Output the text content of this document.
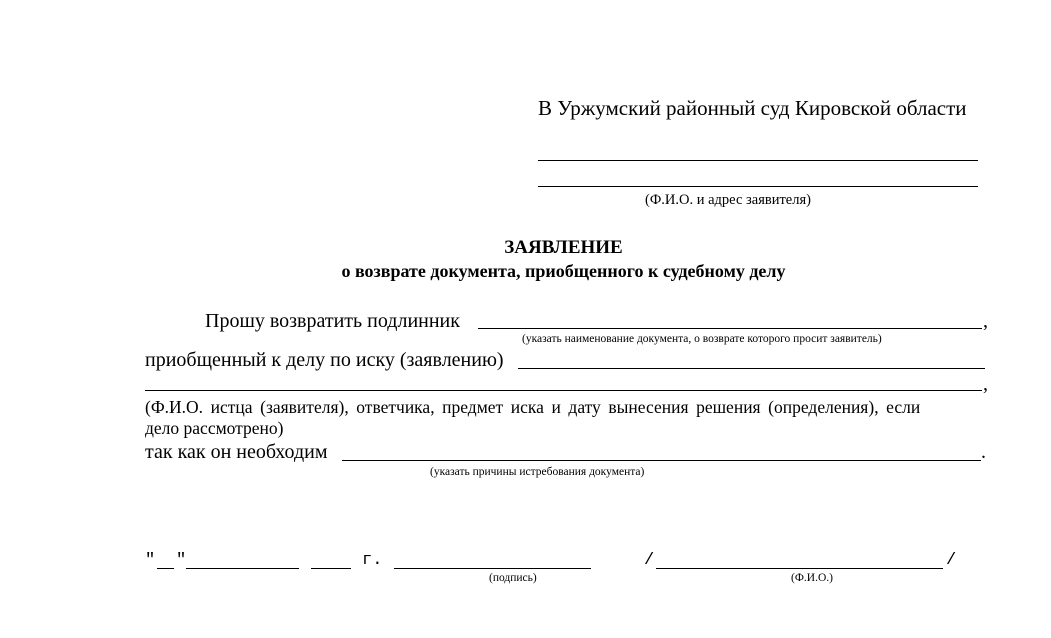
В Уржумский районный суд Кировской области
(Ф.И.О. и адрес заявителя)
ЗАЯВЛЕНИЕ
о возврате документа, приобщенного к судебному делу
Прошу возвратить подлинник	,
(указать наименование документа, о возврате которого просит заявитель)
приобщенный к делу по иску (заявлению)
,
(Ф.И.О. истца (заявителя), ответчика, предмет иска и дату вынесения решения (определения), если
дело рассмотрено)
так как он необходим	.
(указать причины истребования документа)
" "	г.
(подпись)
/	/
(Ф.И.О.)
